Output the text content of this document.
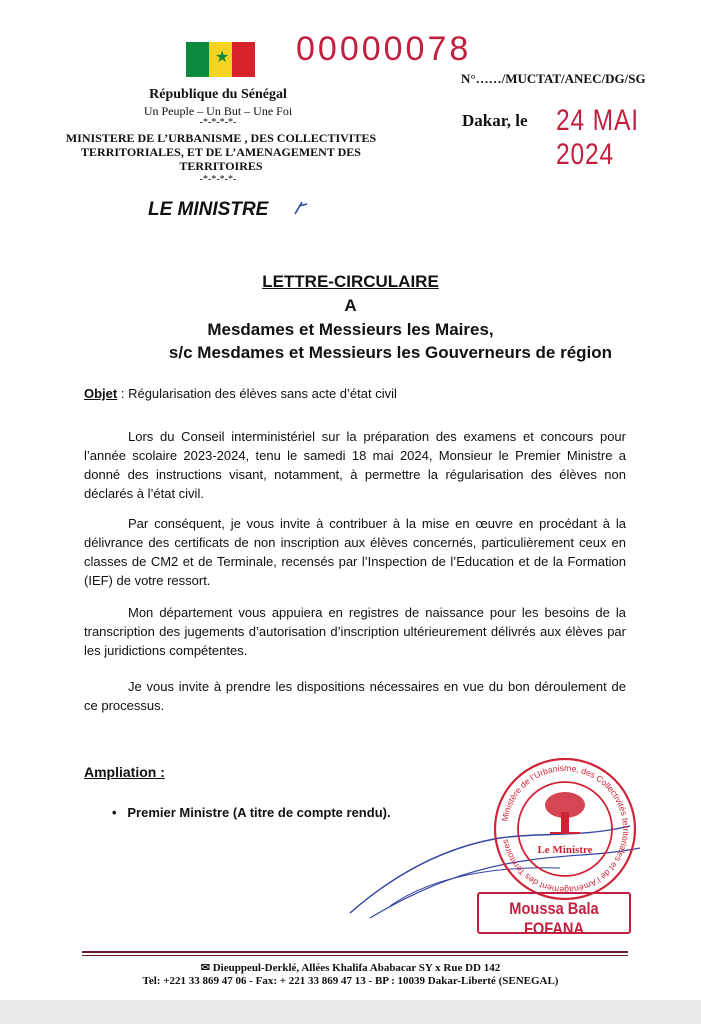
★ 00000078
N°……/MUCTAT/ANEC/DG/SG
Dakar, le 24 MAI 2024
République du Sénégal
Un Peuple – Un But – Une Foi
-*-*-*-*-
MINISTERE DE L’URBANISME , DES COLLECTIVITES TERRITORIALES, ET DE L’AMENAGEMENT DES TERRITOIRES
-*-*-*-*-
LE MINISTRE
LETTRE-CIRCULAIRE
A
Mesdames et Messieurs les Maires,
s/c Mesdames et Messieurs les Gouverneurs de région
Objet : Régularisation des élèves sans acte d’état civil
Lors du Conseil interministériel sur la préparation des examens et concours pour l’année scolaire 2023-2024, tenu le samedi 18 mai 2024, Monsieur le Premier Ministre a donné des instructions visant, notamment, à permettre la régularisation des élèves non déclarés à l’état civil.
Par conséquent, je vous invite à contribuer à la mise en œuvre en procédant à la délivrance des certificats de non inscription aux élèves concernés, particulièrement ceux en classes de CM2 et de Terminale, recensés par l’Inspection de l’Education et de la Formation (IEF) de votre ressort.
Mon département vous appuiera en registres de naissance pour les besoins de la transcription des jugements d’autorisation d’inscription ultérieurement délivrés aux élèves par les juridictions compétentes.
Je vous invite à prendre les dispositions nécessaires en vue du bon déroulement de ce processus.
Ampliation :
•   Premier Ministre (A titre de compte rendu).	Ministère de l’Urbanisme, des Collectivités territoriales et de l’Aménagement des Territoires
Le Ministre
Moussa Bala FOFANA
✉ Dieuppeul-Derklé, Allées Khalifa Ababacar SY x Rue DD 142
Tel: +221 33 869 47 06 - Fax: + 221 33 869 47 13 - BP : 10039 Dakar-Liberté (SENEGAL)
